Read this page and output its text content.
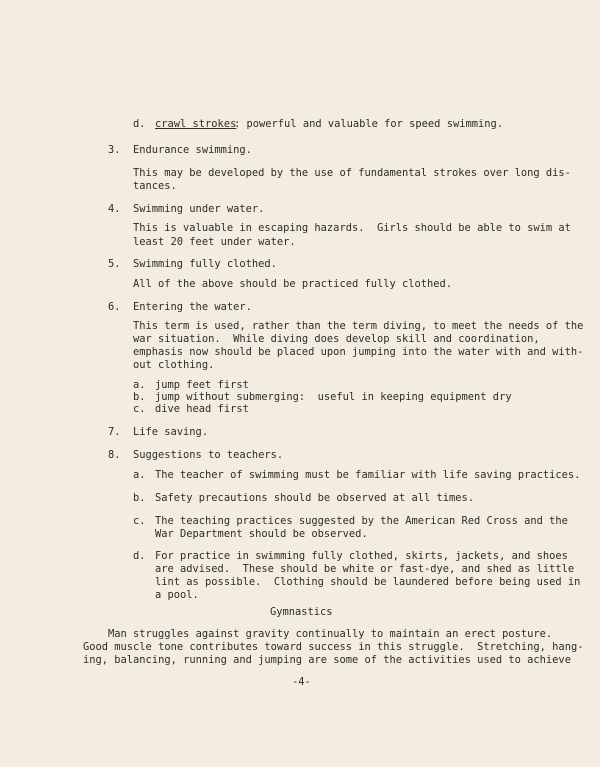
d. crawl strokes
: powerful and valuable for speed swimming.
3. Endurance swimming.
This may be developed by the use of fundamental strokes over long dis-
tances.
4. Swimming under water.
This is valuable in escaping hazards.  Girls should be able to swim at
least 20 feet under water.
5. Swimming fully clothed.
All of the above should be practiced fully clothed.
6. Entering the water.
This term is used, rather than the term diving, to meet the needs of the
war situation.  While diving does develop skill and coordination,
emphasis now should be placed upon jumping into the water with and with-
out clothing.
a. jump feet first
b. jump without submerging:  useful in keeping equipment dry
c. dive head first
7. Life saving.
8. Suggestions to teachers.
a. The teacher of swimming must be familiar with life saving practices.
b. Safety precautions should be observed at all times.
c. The teaching practices suggested by the American Red Cross and the
War Department should be observed.
d. For practice in swimming fully clothed, skirts, jackets, and shoes
are advised.  These should be white or fast-dye, and shed as little
lint as possible.  Clothing should be laundered before being used in
a pool.
Gymnastics
Man struggles against gravity continually to maintain an erect posture.
Good muscle tone contributes toward success in this struggle.  Stretching, hang-
ing, balancing, running and jumping are some of the activities used to achieve
-4-
